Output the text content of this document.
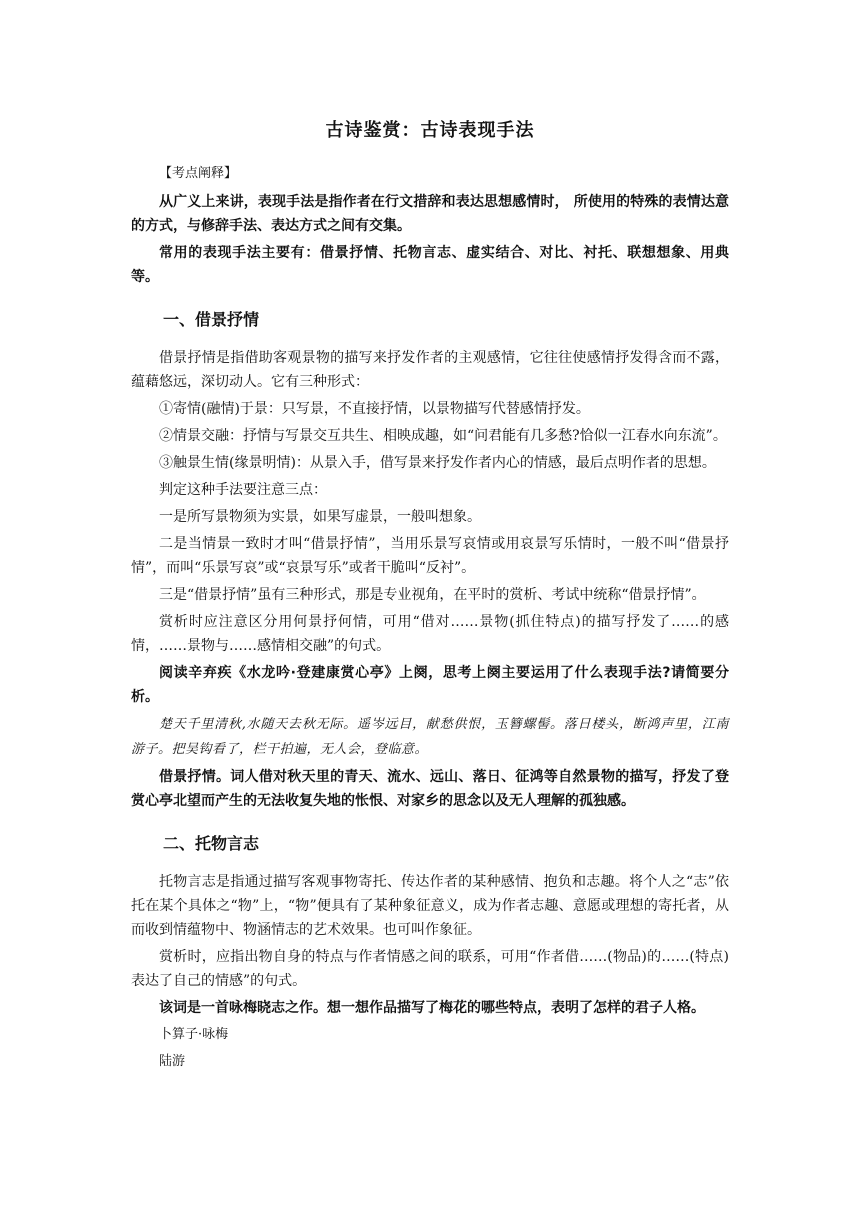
古诗鉴赏：古诗表现手法
【考点阐释】

从广义上来讲，表现手法是指作者在行文措辞和表达思想感情时， 所使用的特殊的表情达意的方式，与修辞手法、表达方式之间有交集。

常用的表现手法主要有：借景抒情、托物言志、虚实结合、对比、衬托、联想想象、用典等。

一、借景抒情

借景抒情是指借助客观景物的描写来抒发作者的主观感情，它往往使感情抒发得含而不露，蕴藉悠远，深切动人。它有三种形式：

①寄情(融情)于景：只写景，不直接抒情，以景物描写代替感情抒发。

②情景交融：抒情与写景交互共生、相映成趣，如“问君能有几多愁?恰似一江春水向东流”。

③触景生情(缘景明情)：从景入手，借写景来抒发作者内心的情感，最后点明作者的思想。

判定这种手法要注意三点：

一是所写景物须为实景，如果写虚景，一般叫想象。

二是当情景一致时才叫“借景抒情”，当用乐景写哀情或用哀景写乐情时，一般不叫“借景抒情”，而叫“乐景写哀”或“哀景写乐”或者干脆叫“反衬”。

三是“借景抒情”虽有三种形式，那是专业视角，在平时的赏析、考试中统称“借景抒情”。

赏析时应注意区分用何景抒何情，可用“借对……景物(抓住特点)的描写抒发了……的感情，……景物与……感情相交融”的句式。

阅读辛弃疾《水龙吟·登建康赏心亭》上阕，思考上阕主要运用了什么表现手法?请简要分析。

楚天千里清秋,水随天去秋无际。遥岑远目，献愁供恨，玉簪螺髻。落日楼头，断鸿声里，江南游子。把吴钩看了，栏干拍遍，无人会，登临意。

借景抒情。词人借对秋天里的青天、流水、远山、落日、征鸿等自然景物的描写，抒发了登赏心亭北望而产生的无法收复失地的怅恨、对家乡的思念以及无人理解的孤独感。

二、托物言志

托物言志是指通过描写客观事物寄托、传达作者的某种感情、抱负和志趣。将个人之“志”依托在某个具体之“物”上，“物”便具有了某种象征意义，成为作者志趣、意愿或理想的寄托者，从而收到情蕴物中、物涵情志的艺术效果。也可叫作象征。

赏析时，应指出物自身的特点与作者情感之间的联系，可用“作者借……(物品)的……(特点)表达了自己的情感”的句式。

该词是一首咏梅晓志之作。想一想作品描写了梅花的哪些特点，表明了怎样的君子人格。

卜算子·咏梅

陆游
